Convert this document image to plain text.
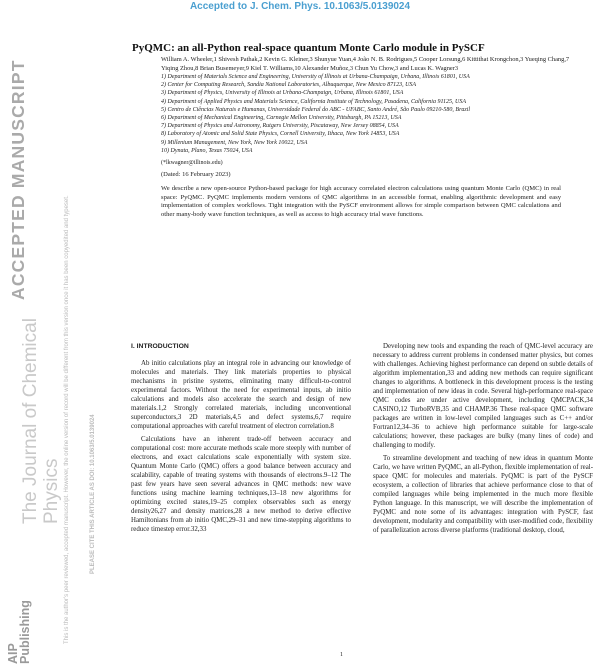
Accepted to J. Chem. Phys. 10.1063/5.0139024
ACCEPTED MANUSCRIPT
The Journal of Chemical Physics
AIP Publishing	This is the author's peer reviewed, accepted manuscript. However, the online version of record will be different from this version once it has been copyedited and typeset.	PLEASE CITE THIS ARTICLE AS DOI: 10.1063/5.0139024
PyQMC: an all-Python real-space quantum Monte Carlo module in PySCF
William A. Wheeler,1 Shivesh Pathak,2 Kevin G. Kleiner,3 Shunyue Yuan,4 João N. B. Rodrigues,5 Cooper Lorsung,6 Kittithat Krongchon,3 Yueqing Chang,7 Yiqing Zhou,8 Brian Busemeyer,9 Kiel T. Williams,10 Alexander Muñoz,3 Chun Yu Chow,3 and Lucas K. Wagner3
1) Department of Materials Science and Engineering, University of Illinois at Urbana-Champaign, Urbana, Illinois 61801, USA
2) Center for Computing Research, Sandia National Laboratories, Albuquerque, New Mexico 87123, USA
3) Department of Physics, University of Illinois at Urbana-Champaign, Urbana, Illinois 61801, USA
4) Department of Applied Physics and Materials Science, California Institute of Technology, Pasadena, California 91125, USA
5) Centro de Ciências Naturais e Humanas, Universidade Federal do ABC - UFABC, Santo André, São Paulo 09210-580, Brazil
6) Department of Mechanical Engineering, Carnegie Mellon University, Pittsburgh, PA 15213, USA
7) Department of Physics and Astronomy, Rutgers University, Piscataway, New Jersey 08854, USA
8) Laboratory of Atomic and Solid State Physics, Cornell University, Ithaca, New York 14853, USA
9) Millenium Management, New York, New York 10022, USA
10) Dynata, Plano, Texas 75024, USA
(*lkwagner@illinois.edu)
(Dated: 16 February 2023)
We describe a new open-source Python-based package for high accuracy correlated electron calculations using quantum Monte Carlo (QMC) in real space: PyQMC. PyQMC implements modern versions of QMC algorithms in an accessible format, enabling algorithmic development and easy implementation of complex workflows. Tight integration with the PySCF environment allows for simple comparison between QMC calculations and other many-body wave function techniques, as well as access to high accuracy trial wave functions.
I. INTRODUCTION

Ab initio calculations play an integral role in advancing our knowledge of molecules and materials. They link materials properties to physical mechanisms in pristine systems, eliminating many difficult-to-control experimental factors. Without the need for experimental inputs, ab initio calculations and models also accelerate the search and design of new materials.1,2 Strongly correlated materials, including unconventional superconductors,3 2D materials,4,5 and defect systems,6,7 require computational approaches with careful treatment of electron correlation.8

Calculations have an inherent trade-off between accuracy and computational cost: more accurate methods scale more steeply with number of electrons, and exact calculations scale exponentially with system size. Quantum Monte Carlo (QMC) offers a good balance between accuracy and scalability, capable of treating systems with thousands of electrons.9–12 The past few years have seen several advances in QMC methods: new wave functions using machine learning techniques,13–18 new algorithms for optimizing excited states,19–25 complex observables such as energy density26,27 and density matrices,28 a new method to derive effective Hamiltonians from ab initio QMC,29–31 and new time-stepping algorithms to reduce timestep error.32,33

Developing new tools and expanding the reach of QMC-level accuracy are necessary to address current problems in condensed matter physics, but comes with challenges. Achieving highest performance can depend on subtle details of algorithm implementation,33 and adding new methods can require significant changes to algorithms. A bottleneck in this development process is the testing and implementation of new ideas in code. Several high-performance real-space QMC codes are under active development, including QMCPACK,34 CASINO,12 TurboRVB,35 and CHAMP.36 These real-space QMC software packages are written in low-level compiled languages such as C++ and/or Fortran12,34–36 to achieve high performance suitable for large-scale calculations; however, these packages are bulky (many lines of code) and challenging to modify.

To streamline development and teaching of new ideas in quantum Monte Carlo, we have written PyQMC, an all-Python, flexible implementation of real-space QMC for molecules and materials. PyQMC is part of the PySCF ecosystem, a collection of libraries that achieve performance close to that of compiled languages while being implemented in the much more flexible Python language. In this manuscript, we will describe the implementation of PyQMC and note some of its advantages: integration with PySCF, fast development, modularity and compatibility with user-modified code, flexibility of parallelization across diverse platforms (traditional desktop, cloud,

1
